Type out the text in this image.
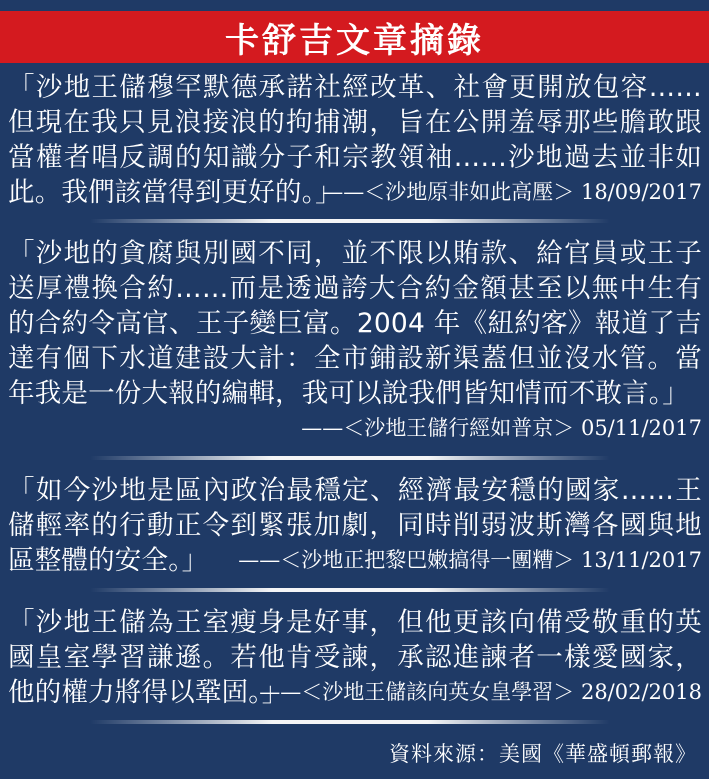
卡舒吉文章摘錄
「沙地王儲穆罕默德承諾社經改革、社會更開放包容……但現在我只見浪接浪的拘捕潮，旨在公開羞辱那些膽敢跟當權者唱反調的知識分子和宗教領袖……沙地過去並非如此。我們該當得到更好的。」
——＜沙地原非如此高壓＞ 18/09/2017
「沙地的貪腐與別國不同，並不限以賄款、給官員或王子送厚禮換合約……而是透過誇大合約金額甚至以無中生有的合約令高官、王子變巨富。2004 年《紐約客》報道了吉達有個下水道建設大計：全市鋪設新渠蓋但並沒水管。當年我是一份大報的編輯，我可以說我們皆知情而不敢言。」
——＜沙地王儲行經如普京＞ 05/11/2017
「如今沙地是區內政治最穩定、經濟最安穩的國家……王儲輕率的行動正令到緊張加劇，同時削弱波斯灣各國與地區整體的安全。」	——＜沙地正把黎巴嫩搞得一團糟＞ 13/11/2017
「沙地王儲為王室瘦身是好事，但他更該向備受敬重的英國皇室學習謙遜。若他肯受諫，承認進諫者一樣愛國家，他的權力將得以鞏固。」
——＜沙地王儲該向英女皇學習＞ 28/02/2018
資料來源：美國《華盛頓郵報》
